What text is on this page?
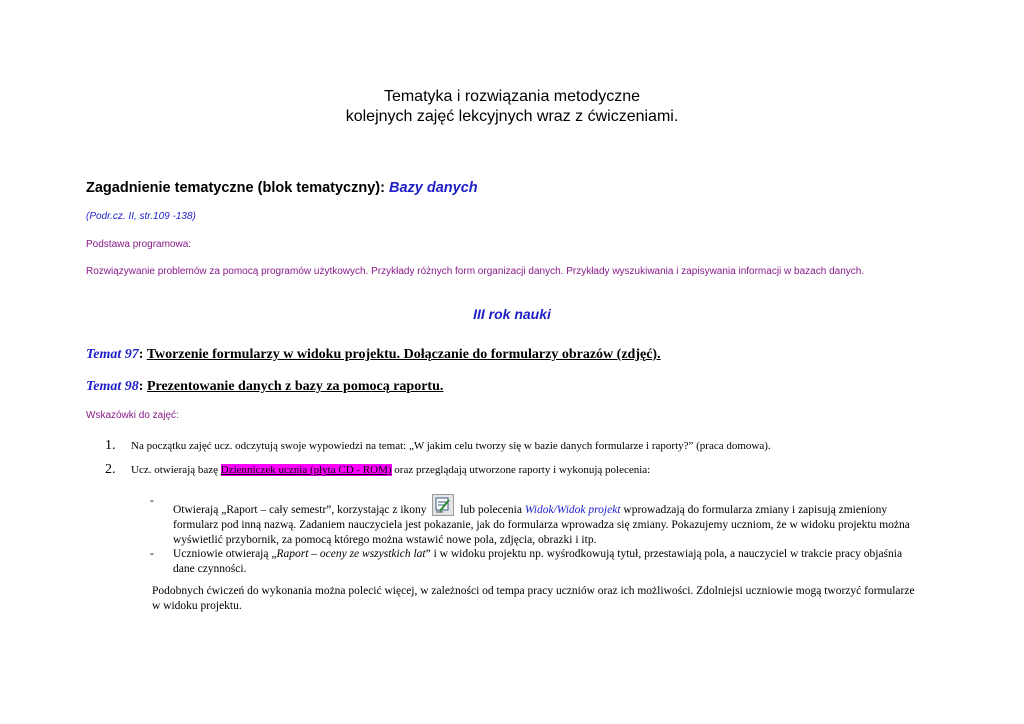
Tematyka i rozwiązania metodyczne
kolejnych zajęć lekcyjnych wraz z ćwiczeniami.
Zagadnienie tematyczne (blok tematyczny): Bazy danych
(Podr.cz. II, str.109 -138)
Podstawa programowa:
Rozwiązywanie problemów za pomocą programów użytkowych. Przykłady różnych form organizacji danych. Przykłady wyszukiwania i zapisywania informacji w bazach danych.
III rok nauki
Temat 97: Tworzenie formularzy w widoku projektu. Dołączanie do formularzy obrazów (zdjęć).
Temat 98: Prezentowanie danych z bazy za pomocą raportu.
Wskazówki do zajęć:
1. Na początku zajęć ucz. odczytują swoje wypowiedzi na temat: „W jakim celu tworzy się w bazie danych formularze i raporty?” (praca domowa).
2. Ucz. otwierają bazę Dzienniczek ucznia (płyta CD - ROM) oraz przeglądają utworzone raporty i wykonują polecenia:
-
Otwierają „Raport – cały semestr”, korzystając z ikony	lub polecenia Widok/Widok projekt wprowadzają do formularza zmiany i zapisują zmieniony formularz pod inną nazwą. Zadaniem nauczyciela jest pokazanie, jak do formularza wprowadza się zmiany. Pokazujemy uczniom, że w widoku projektu można wyświetlić przybornik, za pomocą którego można wstawić nowe pola, zdjęcia, obrazki i itp.
- Uczniowie otwierają „Raport – oceny ze wszystkich lat” i w widoku projektu np. wyśrodkowują tytuł, przestawiają pola, a nauczyciel w trakcie pracy objaśnia dane czynności.
Podobnych ćwiczeń do wykonania można polecić więcej, w zależności od tempa pracy uczniów oraz ich możliwości. Zdolniejsi uczniowie mogą tworzyć formularze w widoku projektu.
